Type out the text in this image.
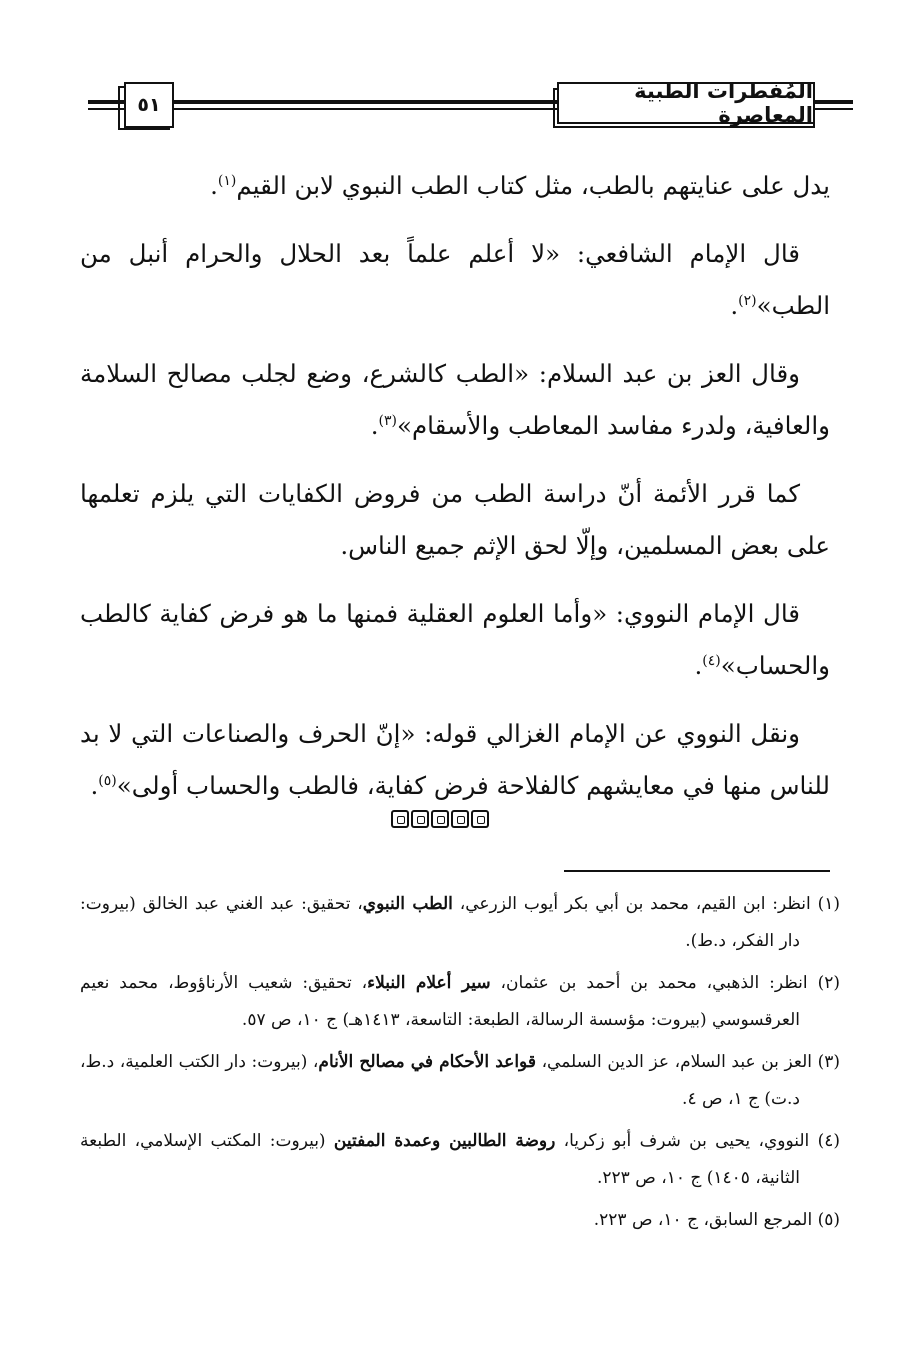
٥١
المُفطرات الطبية المعاصرة

يدل على عنايتهم بالطب، مثل كتاب الطب النبوي لابن القيم$^{(١)}$.

قال الإمام الشافعي: «لا أعلم علماً بعد الحلال والحرام أنبل من الطب»$^{(٢)}$.

وقال العز بن عبد السلام: «الطب كالشرع، وضع لجلب مصالح السلامة والعافية، ولدرء مفاسد المعاطب والأسقام»$^{(٣)}$.

كما قرر الأئمة أنّ دراسة الطب من فروض الكفايات التي يلزم تعلمها على بعض المسلمين، وإلّا لحق الإثم جميع الناس.

قال الإمام النووي: «وأما العلوم العقلية فمنها ما هو فرض كفاية كالطب والحساب»$^{(٤)}$.

ونقل النووي عن الإمام الغزالي قوله: «إنّ الحرف والصناعات التي لا بد للناس منها في معايشهم كالفلاحة فرض كفاية، فالطب والحساب أولى»$^{(٥)}$.

(١) انظر: ابن القيم، محمد بن أبي بكر أيوب الزرعي، الطب النبوي، تحقيق: عبد الغني عبد الخالق (بيروت: دار الفكر، د.ط).

(٢) انظر: الذهبي، محمد بن أحمد بن عثمان، سير أعلام النبلاء، تحقيق: شعيب الأرناؤوط، محمد نعيم العرقسوسي (بيروت: مؤسسة الرسالة، الطبعة: التاسعة، ١٤١٣هـ) ج ١٠، ص ٥٧.

(٣) العز بن عبد السلام، عز الدين السلمي، قواعد الأحكام في مصالح الأنام، (بيروت: دار الكتب العلمية، د.ط، د.ت) ج ١، ص ٤.

(٤) النووي، يحيى بن شرف أبو زكريا، روضة الطالبين وعمدة المفتين (بيروت: المكتب الإسلامي، الطبعة الثانية، ١٤٠٥) ج ١٠، ص ٢٢٣.

(٥) المرجع السابق، ج ١٠، ص ٢٢٣.
